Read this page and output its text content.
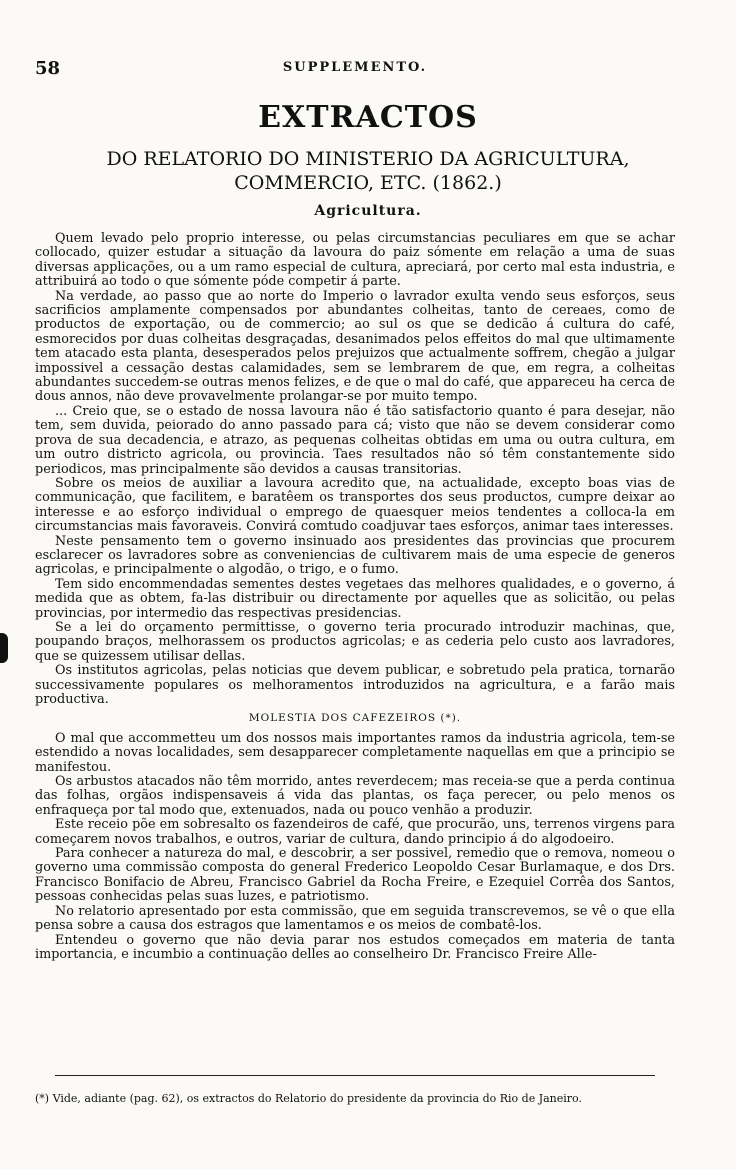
58	SUPPLEMENTO.
EXTRACTOS
DO RELATORIO DO MINISTERIO DA AGRICULTURA,
COMMERCIO, ETC. (1862.)
Agricultura.

Quem levado pelo proprio interesse, ou pelas circumstancias peculiares em que se achar collocado, quizer estudar a situação da lavoura do paiz sómente em relação a uma de suas diversas applicações, ou a um ramo especial de cultura, apreciará, por certo mal esta industria, e attribuirá ao todo o que sómente póde competir á parte.

Na verdade, ao passo que ao norte do Imperio o lavrador exulta vendo seus esforços, seus sacrificios amplamente compensados por abundantes colheitas, tanto de cereaes, como de productos de exportação, ou de commercio; ao sul os que se dedicão á cultura do café, esmorecidos por duas colheitas desgraçadas, desanimados pelos effeitos do mal que ultimamente tem atacado esta planta, desesperados pelos prejuizos que actualmente soffrem, chegão a julgar impossivel a cessação destas calamidades, sem se lembrarem de que, em regra, a colheitas abundantes succedem-se outras menos felizes, e de que o mal do café, que appareceu ha cerca de dous annos, não deve provavelmente prolangar-se por muito tempo.

... Creio que, se o estado de nossa lavoura não é tão satisfactorio quanto é para desejar, não tem, sem duvida, peiorado do anno passado para cá; visto que não se devem considerar como prova de sua decadencia, e atrazo, as pequenas colheitas obtidas em uma ou outra cultura, em um outro districto agricola, ou provincia. Taes resultados não só têm constantemente sido periodicos, mas principalmente são devidos a causas transitorias.

Sobre os meios de auxiliar a lavoura acredito que, na actualidade, excepto boas vias de communicação, que facilitem, e baratêem os transportes dos seus productos, cumpre deixar ao interesse e ao esforço individual o emprego de quaesquer meios tendentes a colloca-la em circumstancias mais favoraveis. Convirá comtudo coadjuvar taes esforços, animar taes interesses.

Neste pensamento tem o governo insinuado aos presidentes das provincias que procurem esclarecer os lavradores sobre as conveniencias de cultivarem mais de uma especie de generos agricolas, e principalmente o algodão, o trigo, e o fumo.

Tem sido encommendadas sementes destes vegetaes das melhores qualidades, e o governo, á medida que as obtem, fa-las distribuir ou directamente por aquelles que as solicitão, ou pelas provincias, por intermedio das respectivas presidencias.

Se a lei do orçamento permittisse, o governo teria procurado introduzir machinas, que, poupando braços, melhorassem os productos agricolas; e as cederia pelo custo aos lavradores, que se quizessem utilisar dellas.

Os institutos agricolas, pelas noticias que devem publicar, e sobretudo pela pratica, tornarão successivamente populares os melhoramentos introduzidos na agricultura, e a farão mais productiva.

MOLESTIA DOS CAFEZEIROS (*).

O mal que accommetteu um dos nossos mais importantes ramos da industria agricola, tem-se estendido a novas localidades, sem desapparecer completamente naquellas em que a principio se manifestou.

Os arbustos atacados não têm morrido, antes reverdecem; mas receia-se que a perda continua das folhas, orgãos indispensaveis á vida das plantas, os faça perecer, ou pelo menos os enfraqueça por tal modo que, extenuados, nada ou pouco venhão a produzir.

Este receio põe em sobresalto os fazendeiros de café, que procurão, uns, terrenos virgens para começarem novos trabalhos, e outros, variar de cultura, dando principio á do algodoeiro.

Para conhecer a natureza do mal, e descobrir, a ser possivel, remedio que o remova, nomeou o governo uma commissão composta do general Frederico Leopoldo Cesar Burlamaque, e dos Drs. Francisco Bonifacio de Abreu, Francisco Gabriel da Rocha Freire, e Ezequiel Corrêa dos Santos, pessoas conhecidas pelas suas luzes, e patriotismo.

No relatorio apresentado por esta commissão, que em seguida transcrevemos, se vê o que ella pensa sobre a causa dos estragos que lamentamos e os meios de combatê-los.

Entendeu o governo que não devia parar nos estudos começados em materia de tanta importancia, e incumbio a continuação delles ao conselheiro Dr. Francisco Freire Alle-

(*) Vide, adiante (pag. 62), os extractos do Relatorio do presidente da provincia do Rio de Janeiro.
